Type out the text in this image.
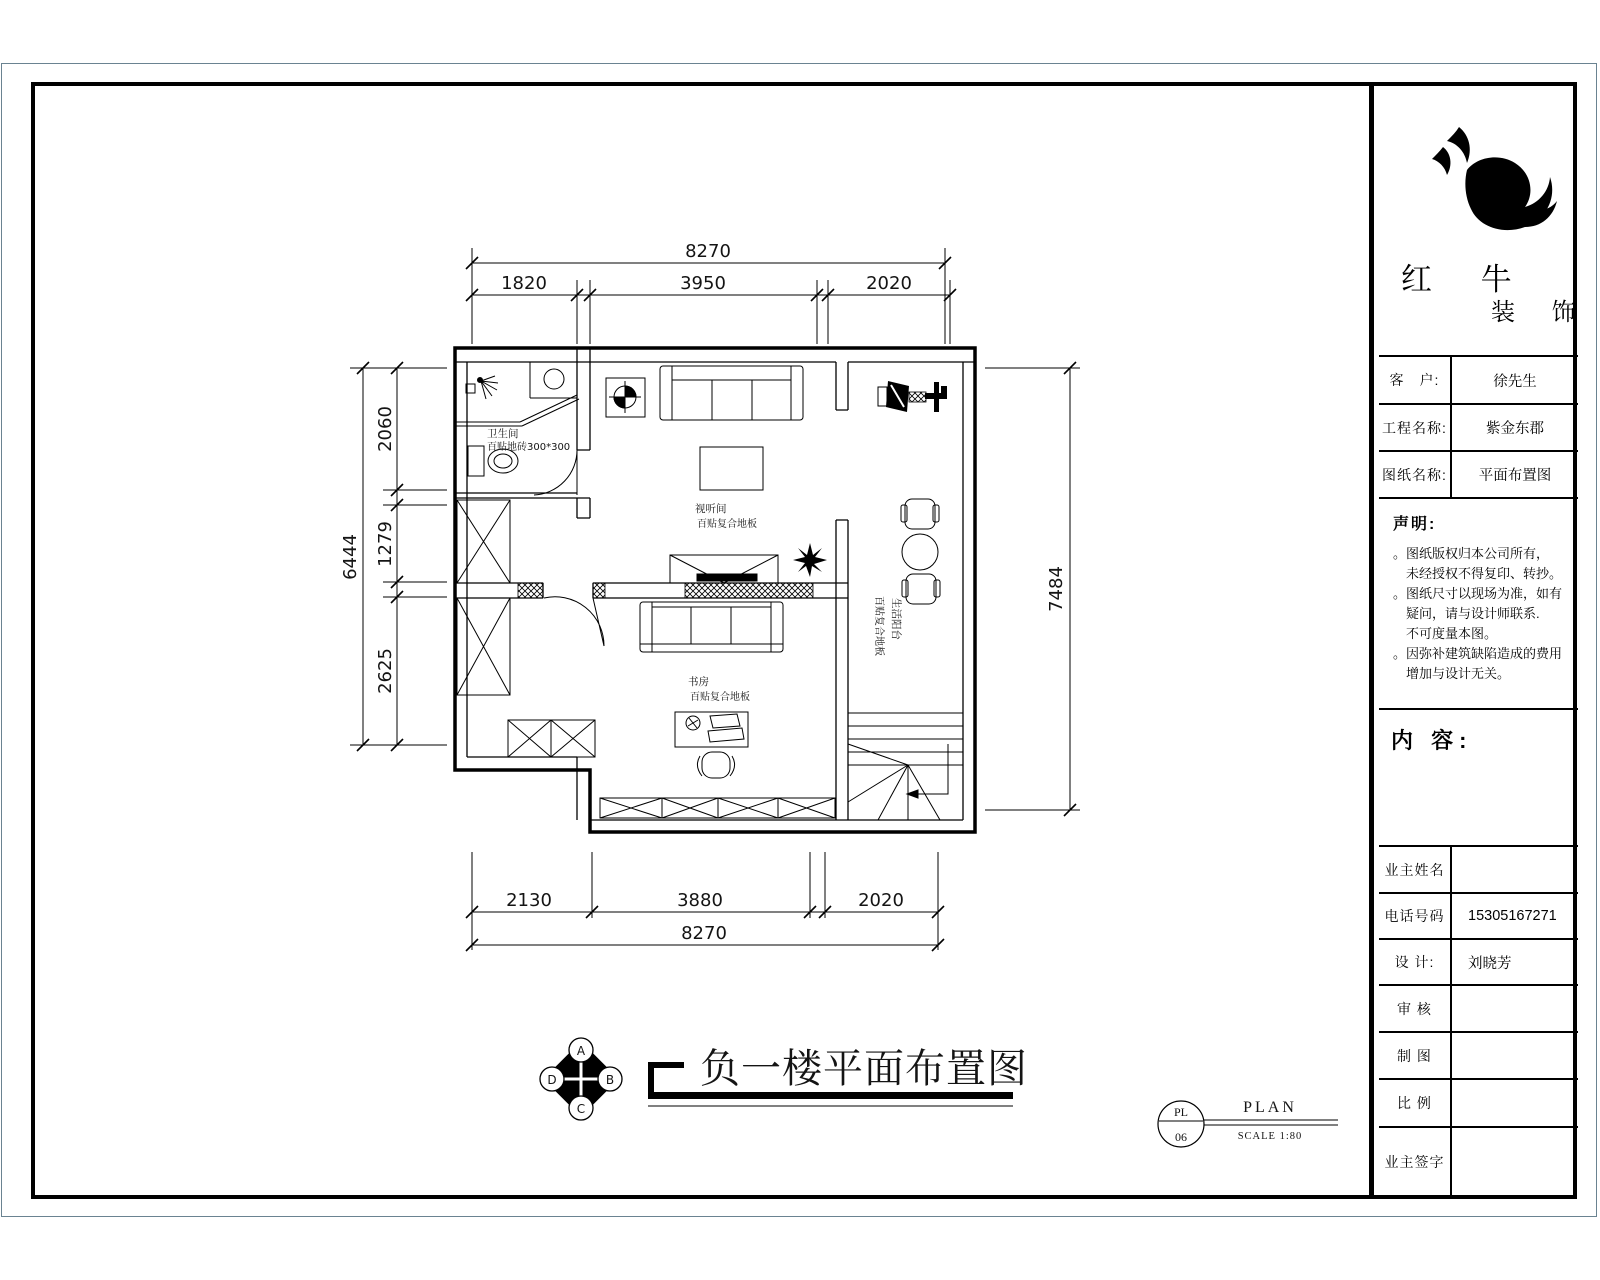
卫生间
百贴地砖300*300
视听间
百贴复合地板
书房
百贴复合地板
生活阳台
百贴复合地板
8270
1820	3950	2020
2130	3880	2020
8270
6444
2060
1279
2625
7484
A
B
C
D	负一楼平面布置图
PL
06
PLAN
SCALE 1:80
红 牛
装 饰
客　户:	徐先生
工程名称:	紫金东郡
图纸名称:	平面布置图
声明:
。图纸版权归本公司所有，
　未经授权不得复印、转抄。
。图纸尺寸以现场为准，如有
　疑问，请与设计师联系.
　不可度量本图。
。因弥补建筑缺陷造成的费用
　增加与设计无关。
内 容:
业主姓名
电话号码	15305167271
设 计:	刘晓芳
审 核
制 图
比 例
业主签字
